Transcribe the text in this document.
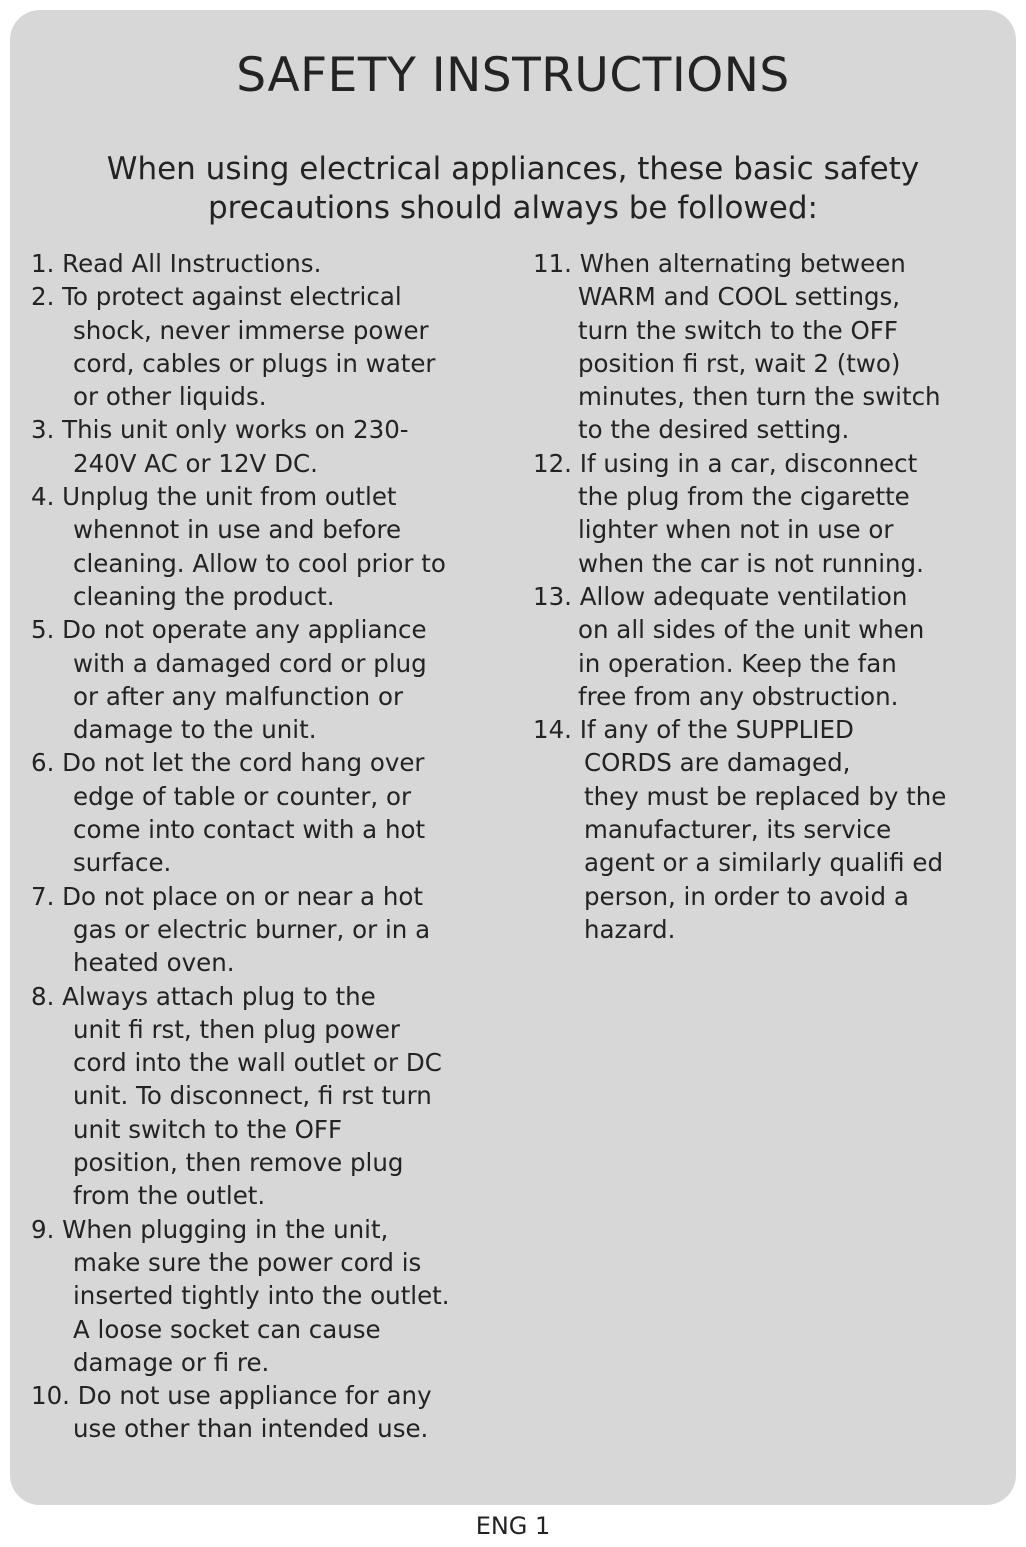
SAFETY INSTRUCTIONS

When using electrical appliances, these basic safety
precautions should always be followed:

1. Read All Instructions.
2. To protect against electrical
shock, never immerse power
cord, cables or plugs in water
or other liquids.
3. This unit only works on 230-
240V AC or 12V DC.
4. Unplug the unit from outlet
whennot in use and before
cleaning. Allow to cool prior to
cleaning the product.
5. Do not operate any appliance
with a damaged cord or plug
or after any malfunction or
damage to the unit.
6. Do not let the cord hang over
edge of table or counter, or
come into contact with a hot
surface.
7. Do not place on or near a hot
gas or electric burner, or in a
heated oven.
8. Always attach plug to the
unit fi rst, then plug power
cord into the wall outlet or DC
unit. To disconnect, fi rst turn
unit switch to the OFF
position, then remove plug
from the outlet.
9. When plugging in the unit,
make sure the power cord is
inserted tightly into the outlet.
A loose socket can cause
damage or fi re.
10. Do not use appliance for any
use other than intended use.
11. When alternating between
WARM and COOL settings,
turn the switch to the OFF
position fi rst, wait 2 (two)
minutes, then turn the switch
to the desired setting.
12. If using in a car, disconnect
the plug from the cigarette
lighter when not in use or
when the car is not running.
13. Allow adequate ventilation
on all sides of the unit when
in operation. Keep the fan
free from any obstruction.
14. If any of the SUPPLIED
CORDS are damaged,
they must be replaced by the
manufacturer, its service
agent or a similarly qualifi ed
person, in order to avoid a
hazard.
ENG 1
